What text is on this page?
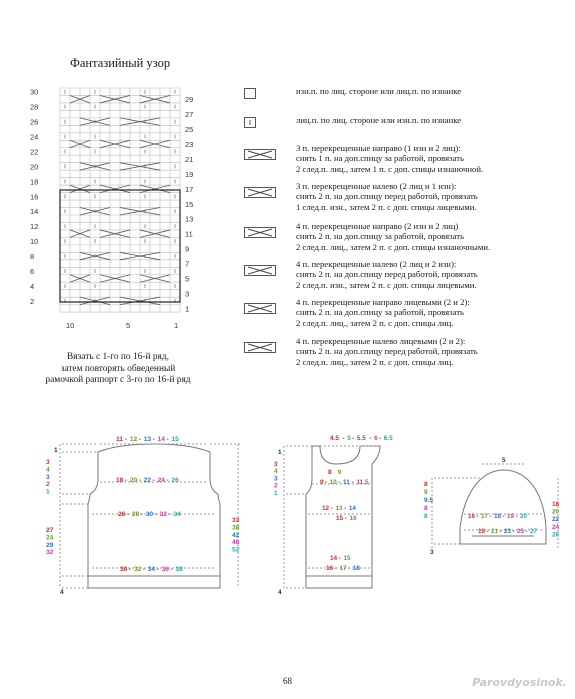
Фантазийный узор
30
28
26
24
22
20
18
16
14
12
10
8
6
4
2
29
27
25
23
21
19
17
15
13
11
9
7
5
3
1
10	5	1
Вязать с 1-го по 16-й ряд,
затем повторять обведенный
рамочкой раппорт с 3-го по 16-й ряд
изн.п. по лиц. стороне или лиц.п. по изнанке
лиц.п. по лиц. стороне или изн.п. по изнанке
3 п. перекрещенные направо (1 изн и 2 лиц):
снять 1 п. на доп.спицу за работой, провязать
2 след.п. лиц., затем 1 п. с доп. спицы изнаночной.
3 п. перекрещенные налево (2 лиц и 1 изн):
снять 2 п. на доп.спицу перед работой, провязать
1 след.п. изн., затем 2 п. с доп. спицы лицевыми.
4 п. перекрещенные направо (2 изн и 2 лиц)
снять 2 п. на доп.спицу за работой, провязать
2 след.п. лиц., затем 2 п. с доп. спицы изнаночными.
4 п. перекрещенные налево (2 лиц и 2 изн):
снять 2 п. на доп.спицу перед работой, провязать
2 след.п. изн., затем 2 п. с доп. спицы лицевыми.
4 п. перекрещенные направо лицевыми (2 и 2):
снять 2 п. на доп.спицу за работой, провязать
2 след.п. лиц., затем 2 п. с доп. спицы лиц.
4 п. перекрещенные налево лицевыми (2 и 2):
снять 2 п. на доп.спицу перед работой, провязать
2 след.п. лиц., затем 2 п. с доп. спицы лиц.
11 - 12 - 13 - 14 - 15
18 - 20 - 22 - 24 - 26
26 - 28 - 30 - 32 - 34
30 - 32 - 34 - 36 - 38
1
3
4
3
2
1
27
24
29
32
33
38
42
48
52
4
4.5 - 5 - 5.5 - 6 - 6.5
8 9
9 - 10 - 11 - 11.5
12 - 13 - 14
15 - 16
14 - 15
16 - 17 - 18
1
3
4
3
2
1
4
5
8
9
9.5
8
8	16 - 17 - 18 - 19 - 20
19 - 21 - 23 - 25 - 27
18
20
22
24
26
3
68	Parovdyosinok.
